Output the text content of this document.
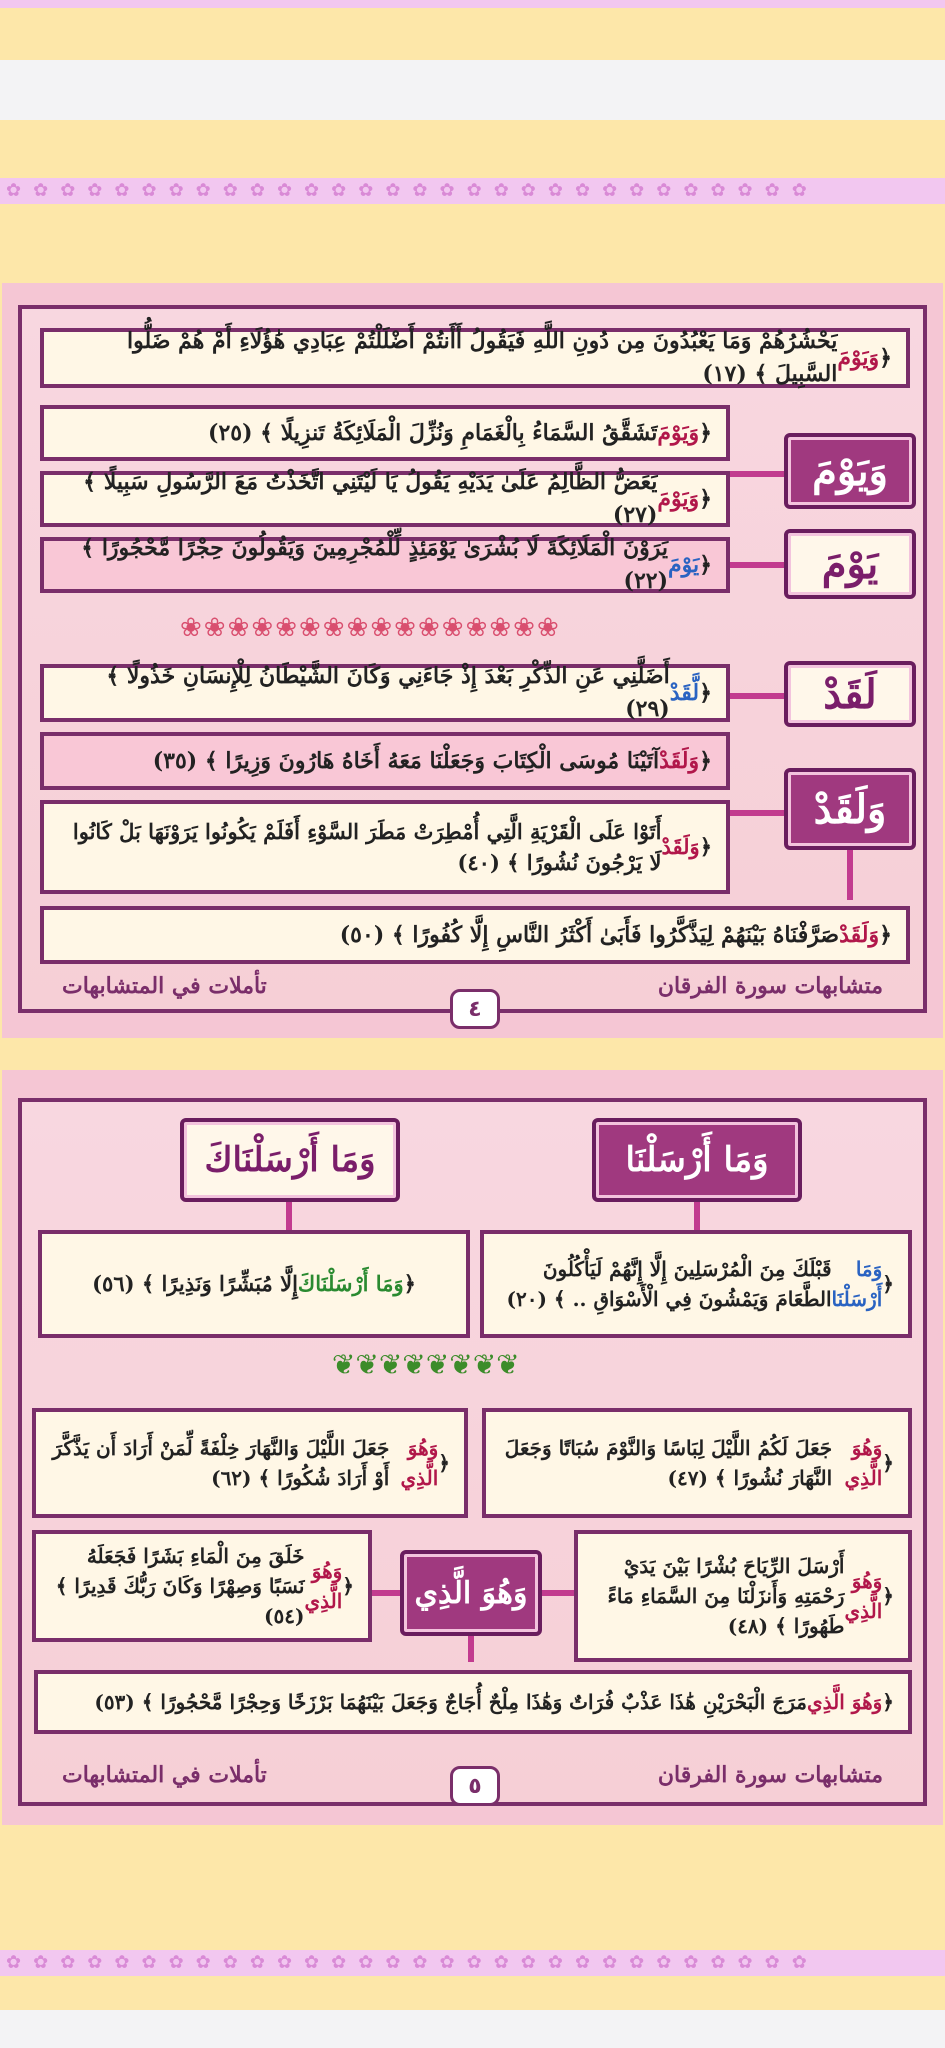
✿ ✿ ✿ ✿ ✿ ✿ ✿ ✿ ✿ ✿ ✿ ✿ ✿ ✿ ✿ ✿ ✿ ✿ ✿ ✿ ✿ ✿ ✿ ✿ ✿ ✿ ✿ ✿ ✿ ✿
﴿
وَيَوْمَ
يَحْشُرُهُمْ وَمَا يَعْبُدُونَ مِن دُونِ اللَّهِ فَيَقُولُ أَأَنتُمْ أَضْلَلْتُمْ عِبَادِي هَٰؤُلَاءِ أَمْ هُمْ ضَلُّوا السَّبِيلَ ﴾ (١٧)
﴿
وَيَوْمَ
تَشَقَّقُ السَّمَاءُ بِالْغَمَامِ وَنُزِّلَ الْمَلَائِكَةُ تَنزِيلًا ﴾ (٢٥)
﴿
وَيَوْمَ
يَعَضُّ الظَّالِمُ عَلَىٰ يَدَيْهِ يَقُولُ يَا لَيْتَنِي اتَّخَذْتُ مَعَ الرَّسُولِ سَبِيلًا ﴾ (٢٧)
﴿
يَوْمَ
يَرَوْنَ الْمَلَائِكَةَ لَا بُشْرَىٰ يَوْمَئِذٍ لِّلْمُجْرِمِينَ وَيَقُولُونَ حِجْرًا مَّحْجُورًا ﴾ (٢٢)
وَيَوْمَ
يَوْمَ
❀❀❀❀❀❀❀❀❀❀❀❀❀❀❀❀
﴿
لَّقَدْ
أَضَلَّنِي عَنِ الذِّكْرِ بَعْدَ إِذْ جَاءَنِي وَكَانَ الشَّيْطَانُ لِلْإِنسَانِ خَذُولًا ﴾ (٢٩)
﴿
وَلَقَدْ
آتَيْنَا مُوسَى الْكِتَابَ وَجَعَلْنَا مَعَهُ أَخَاهُ هَارُونَ وَزِيرًا ﴾ (٣٥)
﴿
وَلَقَدْ
أَتَوْا عَلَى الْقَرْيَةِ الَّتِي أُمْطِرَتْ مَطَرَ السَّوْءِ أَفَلَمْ يَكُونُوا يَرَوْنَهَا بَلْ كَانُوا لَا يَرْجُونَ نُشُورًا ﴾ (٤٠)
لَقَدْ
وَلَقَدْ
﴿
وَلَقَدْ
صَرَّفْنَاهُ بَيْنَهُمْ لِيَذَّكَّرُوا فَأَبَىٰ أَكْثَرُ النَّاسِ إِلَّا كُفُورًا ﴾ (٥٠)
متشابهات سورة الفرقان
تأملات في المتشابهات
٤
وَمَا أَرْسَلْنَا
وَمَا أَرْسَلْنَاكَ
﴿
وَمَا أَرْسَلْنَا
قَبْلَكَ مِنَ الْمُرْسَلِينَ إِلَّا إِنَّهُمْ لَيَأْكُلُونَ الطَّعَامَ وَيَمْشُونَ فِي الْأَسْوَاقِ .. ﴾ (٢٠)
﴿
وَمَا أَرْسَلْنَاكَ
إِلَّا مُبَشِّرًا وَنَذِيرًا ﴾ (٥٦)
❦❦❦❦❦❦❦❦
﴿
وَهُوَ الَّذِي
جَعَلَ لَكُمُ اللَّيْلَ لِبَاسًا وَالنَّوْمَ سُبَاتًا وَجَعَلَ النَّهَارَ نُشُورًا ﴾ (٤٧)
﴿
وَهُوَ الَّذِي
جَعَلَ اللَّيْلَ وَالنَّهَارَ خِلْفَةً لِّمَنْ أَرَادَ أَن يَذَّكَّرَ أَوْ أَرَادَ شُكُورًا ﴾ (٦٢)
﴿
وَهُوَ الَّذِي
أَرْسَلَ الرِّيَاحَ بُشْرًا بَيْنَ يَدَيْ رَحْمَتِهِ وَأَنزَلْنَا مِنَ السَّمَاءِ مَاءً طَهُورًا ﴾ (٤٨)
﴿
وَهُوَ الَّذِي
خَلَقَ مِنَ الْمَاءِ بَشَرًا فَجَعَلَهُ نَسَبًا وَصِهْرًا وَكَانَ رَبُّكَ قَدِيرًا ﴾ (٥٤)
وَهُوَ الَّذِي
﴿
وَهُوَ الَّذِي
مَرَجَ الْبَحْرَيْنِ هَٰذَا عَذْبٌ فُرَاتٌ وَهَٰذَا مِلْحٌ أُجَاجٌ وَجَعَلَ بَيْنَهُمَا بَرْزَخًا وَحِجْرًا مَّحْجُورًا ﴾ (٥٣)
متشابهات سورة الفرقان
تأملات في المتشابهات	٥
✿ ✿ ✿ ✿ ✿ ✿ ✿ ✿ ✿ ✿ ✿ ✿ ✿ ✿ ✿ ✿ ✿ ✿ ✿ ✿ ✿ ✿ ✿ ✿ ✿ ✿ ✿ ✿ ✿ ✿
